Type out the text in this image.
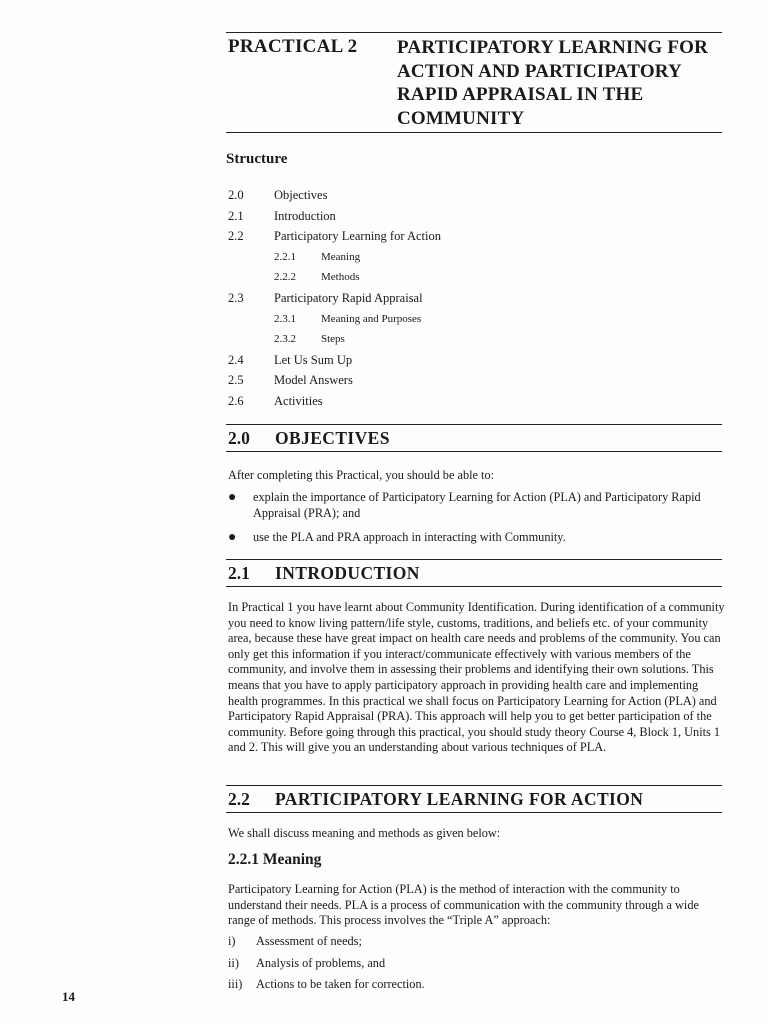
PRACTICAL 2 PARTICIPATORY LEARNING FOR
ACTION AND PARTICIPATORY
RAPID APPRAISAL IN THE
COMMUNITY
Structure
2.0 Objectives
2.1 Introduction
2.2 Participatory Learning for Action
2.2.1 Meaning
2.2.2 Methods
2.3 Participatory Rapid Appraisal
2.3.1 Meaning and Purposes
2.3.2 Steps
2.4 Let Us Sum Up
2.5 Model Answers
2.6 Activities
2.0 OBJECTIVES
After completing this Practical, you should be able to:
● explain the importance of Participatory Learning for Action (PLA) and Participatory Rapid Appraisal (PRA); and
● use the PLA and PRA approach in interacting with Community.
2.1 INTRODUCTION
In Practical 1 you have learnt about Community Identification. During identification of a community you need to know living pattern/life style, customs, traditions, and beliefs etc. of your community area, because these have great impact on health care needs and problems of the community. You can only get this information if you interact/communicate effectively with various members of the community, and involve them in assessing their problems and identifying their own solutions. This means that you have to apply participatory approach in providing health care and implementing health programmes. In this practical we shall focus on Participatory Learning for Action (PLA) and Participatory Rapid Appraisal (PRA). This approach will help you to get better participation of the community. Before going through this practical, you should study theory Course 4, Block 1, Units 1 and 2. This will give you an understanding about various techniques of PLA.
2.2 PARTICIPATORY LEARNING FOR ACTION
We shall discuss meaning and methods as given below:
2.2.1 Meaning
Participatory Learning for Action (PLA) is the method of interaction with the community to understand their needs. PLA is a process of communication with the community through a wide range of methods. This process involves the “Triple A” approach:
i) Assessment of needs;
ii) Analysis of problems, and
iii) Actions to be taken for correction.
14
